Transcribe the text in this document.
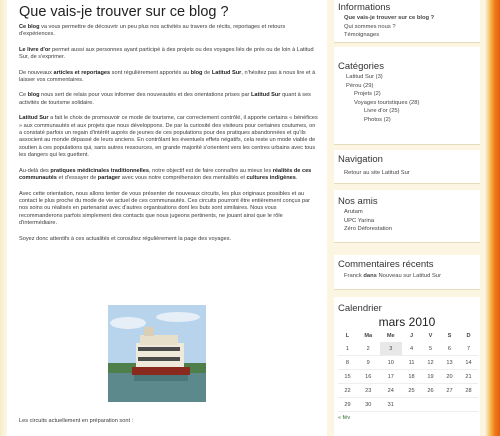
Que vais-je trouver sur ce blog ?

Ce blog va vous permettre de découvrir un peu plus nos activités au travers de récits, reportages et retours d'expériences.

Le livre d'or permet aussi aux personnes ayant participé à des projets ou des voyages liés de près ou de loin à Latitud Sur, de s'exprimer.

De nouveaux articles et reportages sont régulièrement apportés au blog de Latitud Sur, n'hésitez pas à nous lire et à laisser vos commentaires.

Ce blog nous sert de relais pour vous informer des nouveautés et des orientations prises par Latitud Sur quant à ses activités de tourisme solidaire.

Latitud Sur a fait le choix de promouvoir ce mode de tourisme, car correctement contrôlé, il apporte certains « bénéfices » aux communautés et aux projets que nous développons. De par la curiosité des visiteurs pour certaines coutumes, on a constaté parfois un regain d'intérêt auprès de jeunes de ces populations pour des pratiques abandonnées et qu'ils associent au monde dépassé de leurs anciens. En contrôlant les éventuels effets négatifs, cela reste un mode viable de soutien à ces populations qui, sans autres ressources, en grande majorité s'orientent vers les centres urbains avec tous les dangers qui les guettent.

Au-delà des pratiques médicinales traditionnelles, notre objectif est de faire connaître au mieux les réalités de ces communautés et d'essayer de partager avec vous notre compréhension des mentalités et cultures indigènes.

Avec cette orientation, nous allons tenter de vous présenter de nouveaux circuits, les plus originaux possibles et au contact le plus proche du mode de vie actuel de ces communautés. Ces circuits pourront être entièrement conçus par nos soins ou réalisés en partenariat avec d'autres organisations dont les buts sont similaires. Nous vous recommanderons parfois simplement des contacts que nous jugeons pertinents, ne jouant ainsi que le rôle d'intermédiaire.

Soyez donc attentifs à ces actualités et consultez régulièrement la page des voyages.

Les circuits actuellement en préparation sont :

Informations
Que vais-je trouver sur ce blog ?
Qui sommes nous ?
Témoignages
Catégories
Latitud Sur (3)
Pérou (29)
Projets (2)
Voyages touristiques (28)
Livre d'or (25)
Photos (2)
Navigation
Retour au site Latitud Sur
Nos amis
Arutam
UPC Yarina
Zéro Déforestation
Commentaires récents
Franck dans Nouveau sur Latitud Sur
Calendrier
mars 2010
L	Ma	Me	J	V	S	D
1	2	3	4	5	6	7
8	9	10	11	12	13	14
15	16	17	18	19	20	21
22	23	24	25	26	27	28
29	30	31				
« fév
